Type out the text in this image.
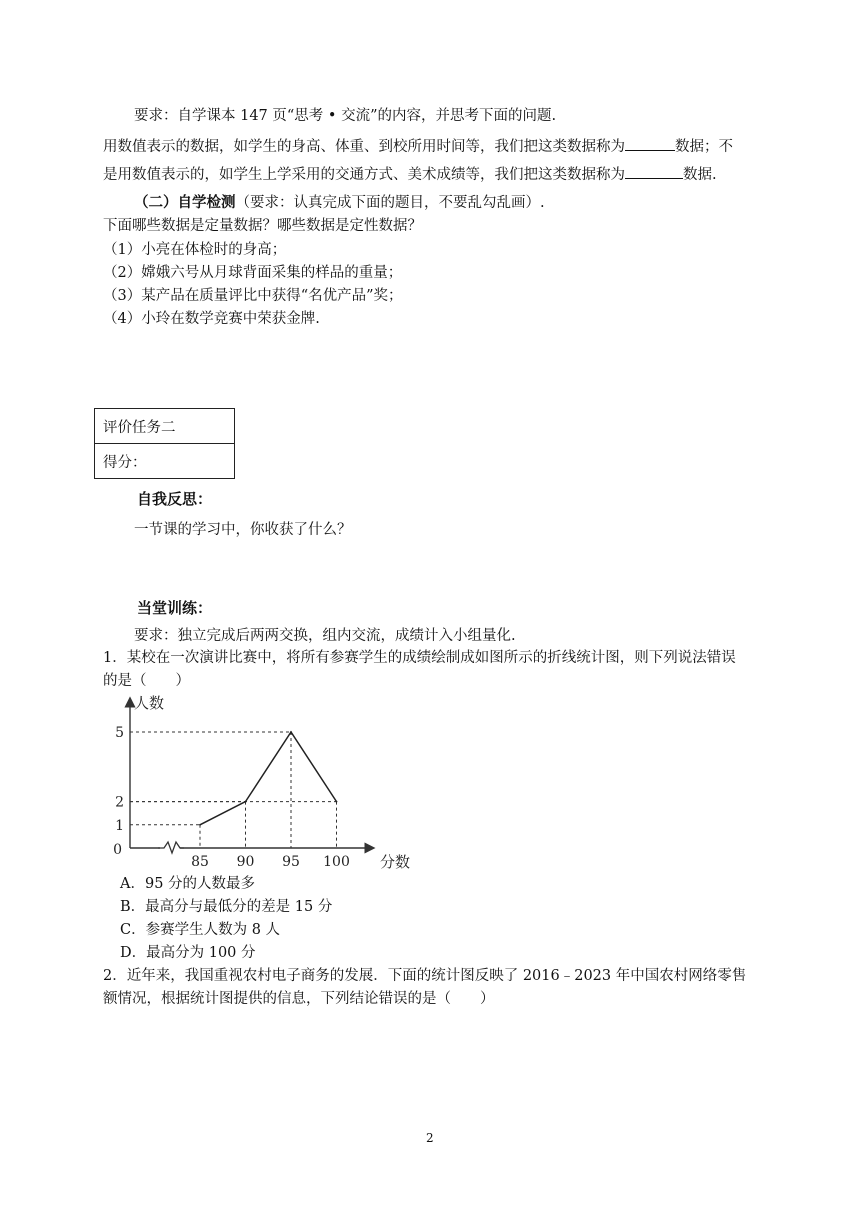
要求：自学课本 147 页“思考 • 交流”的内容，并思考下面的问题.
用数值表示的数据，如学生的身高、体重、到校所用时间等，我们把这类数据称为	数据；不
是用数值表示的，如学生上学采用的交通方式、美术成绩等，我们把这类数据称为	数据.
（二）自学检测（要求：认真完成下面的题目，不要乱勾乱画）.
下面哪些数据是定量数据？哪些数据是定性数据？
（1）小亮在体检时的身高；
（2）嫦娥六号从月球背面采集的样品的重量；
（3）某产品在质量评比中获得“名优产品”奖；
（4）小玲在数学竞赛中荣获金牌.
评价任务二
得分：
自我反思：
一节课的学习中，你收获了什么？
当堂训练：
要求：独立完成后两两交换，组内交流，成绩计入小组量化.
1．某校在一次演讲比赛中，将所有参赛学生的成绩绘制成如图所示的折线统计图，则下列说法错误
的是（　　）
85 90 95 100
1
2
5
0
人数
分数
A．95 分的人数最多
B．最高分与最低分的差是 15 分
C．参赛学生人数为 8 人
D．最高分为 100 分
2．近年来，我国重视农村电子商务的发展．下面的统计图反映了 2016﹣2023 年中国农村网络零售
额情况，根据统计图提供的信息，下列结论错误的是（　　）
2
